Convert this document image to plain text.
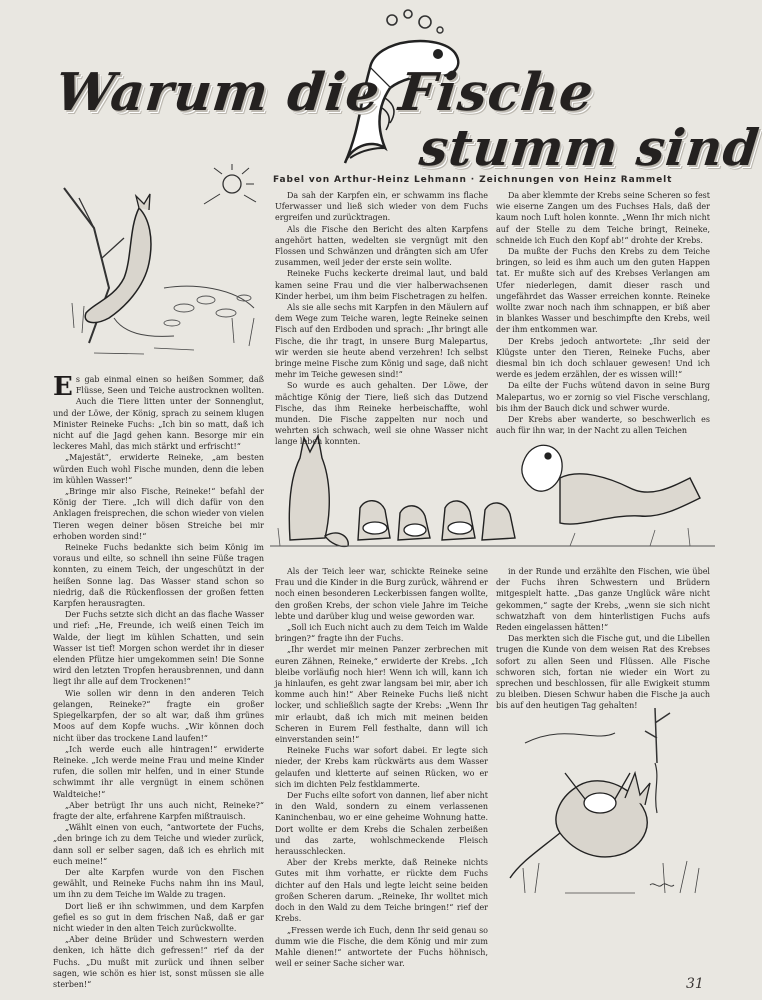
Warum die Fische
stumm sind
Fabel von Arthur-Heinz Lehmann · Zeichnungen von Heinz Rammelt

Es gab einmal einen so heißen Sommer, daß Flüsse, Seen und Teiche austrocknen wollten. Auch die Tiere litten unter der Sonnenglut, und der Löwe, der König, sprach zu seinem klugen Minister Reineke Fuchs: „Ich bin so matt, daß ich nicht auf die Jagd gehen kann. Besorge mir ein leckeres Mahl, das mich stärkt und erfrischt!“

„Majestät“, erwiderte Reineke, „am besten würden Euch wohl Fische munden, denn die leben im kühlen Wasser!“

„Bringe mir also Fische, Reineke!“ befahl der König der Tiere. „Ich will dich dafür von den Anklagen freisprechen, die schon wieder von vielen Tieren wegen deiner bösen Streiche bei mir erhoben worden sind!“

Reineke Fuchs bedankte sich beim König im voraus und eilte, so schnell ihn seine Füße tragen konnten, zu einem Teich, der ungeschützt in der heißen Sonne lag. Das Wasser stand schon so niedrig, daß die Rückenflossen der großen fetten Karpfen herausragten.

Der Fuchs setzte sich dicht an das flache Wasser und rief: „He, Freunde, ich weiß einen Teich im Walde, der liegt im kühlen Schatten, und sein Wasser ist tief! Morgen schon werdet ihr in dieser elenden Pfütze hier umgekommen sein! Die Sonne wird den letzten Tropfen herausbrennen, und dann liegt ihr alle auf dem Trockenen!“

Wie sollen wir denn in den anderen Teich gelangen, Reineke?“ fragte ein großer Spiegelkarpfen, der so alt war, daß ihm grünes Moos auf dem Kopfe wuchs. „Wir können doch nicht über das trockene Land laufen!“

„Ich werde euch alle hintragen!“ erwiderte Reineke. „Ich werde meine Frau und meine Kinder rufen, die sollen mir helfen, und in einer Stunde schwimmt ihr alle vergnügt in einem schönen Waldteiche!“

„Aber betrügt Ihr uns auch nicht, Reineke?“ fragte der alte, erfahrene Karpfen mißtrauisch.

„Wählt einen von euch, “antwortete der Fuchs, „den bringe ich zu dem Teiche und wieder zurück, dann soll er selber sagen, daß ich es ehrlich mit euch meine!“

Der alte Karpfen wurde von den Fischen gewählt, und Reineke Fuchs nahm ihn ins Maul, um ihn zu dem Teiche im Walde zu tragen.

Dort ließ er ihn schwimmen, und dem Karpfen gefiel es so gut in dem frischen Naß, daß er gar nicht wieder in den alten Teich zurückwollte.

„Aber deine Brüder und Schwestern werden denken, ich hätte dich gefressen!“ rief da der Fuchs. „Du mußt mit zurück und ihnen selber sagen, wie schön es hier ist, sonst müssen sie alle sterben!“

Da sah der Karpfen ein, er schwamm ins flache Uferwasser und ließ sich wieder von dem Fuchs ergreifen und zurücktragen.

Als die Fische den Bericht des alten Karpfens angehört hatten, wedelten sie vergnügt mit den Flossen und Schwänzen und drängten sich am Ufer zusammen, weil jeder der erste sein wollte.

Reineke Fuchs keckerte dreimal laut, und bald kamen seine Frau und die vier halberwachsenen Kinder herbei, um ihm beim Fischetragen zu helfen.

Als sie alle sechs mit Karpfen in den Mäulern auf dem Wege zum Teiche waren, legte Reineke seinen Fisch auf den Erdboden und sprach: „Ihr bringt alle Fische, die ihr tragt, in unsere Burg Malepartus, wir werden sie heute abend verzehren! Ich selbst bringe meine Fische zum König und sage, daß nicht mehr im Teiche gewesen sind!“

So wurde es auch gehalten. Der Löwe, der mächtige König der Tiere, ließ sich das Dutzend Fische, das ihm Reineke herbeischaffte, wohl munden. Die Fische zappelten nur noch und wehrten sich schwach, weil sie ohne Wasser nicht lange leben konnten.

Da aber klemmte der Krebs seine Scheren so fest wie eiserne Zangen um des Fuchses Hals, daß der kaum noch Luft holen konnte. „Wenn Ihr mich nicht auf der Stelle zu dem Teiche bringt, Reineke, schneide ich Euch den Kopf ab!“ drohte der Krebs.

Da mußte der Fuchs den Krebs zu dem Teiche bringen, so leid es ihm auch um den guten Happen tat. Er mußte sich auf des Krebses Verlangen am Ufer niederlegen, damit dieser rasch und ungefährdet das Wasser erreichen konnte. Reineke wollte zwar noch nach ihm schnappen, er biß aber in blankes Wasser und beschimpfte den Krebs, weil der ihm entkommen war.

Der Krebs jedoch antwortete: „Ihr seid der Klügste unter den Tieren, Reineke Fuchs, aber diesmal bin ich doch schlauer gewesen! Und ich werde es jedem erzählen, der es wissen will!“

Da eilte der Fuchs wütend davon in seine Burg Malepartus, wo er zornig so viel Fische verschlang, bis ihm der Bauch dick und schwer wurde.

Der Krebs aber wanderte, so beschwerlich es auch für ihn war, in der Nacht zu allen Teichen

Als der Teich leer war, schickte Reineke seine Frau und die Kinder in die Burg zurück, während er noch einen besonderen Leckerbissen fangen wollte, den großen Krebs, der schon viele Jahre im Teiche lebte und darüber klug und weise geworden war.

„Soll ich Euch nicht auch zu dem Teich im Walde bringen?“ fragte ihn der Fuchs.

„Ihr werdet mir meinen Panzer zerbrechen mit euren Zähnen, Reineke,“ erwiderte der Krebs. „Ich bleibe vorläufig noch hier! Wenn ich will, kann ich ja hinlaufen, es geht zwar langsam bei mir, aber ich komme auch hin!“ Aber Reineke Fuchs ließ nicht locker, und schließlich sagte der Krebs: „Wenn Ihr mir erlaubt, daß ich mich mit meinen beiden Scheren in Eurem Fell festhalte, dann will ich einverstanden sein!“

Reineke Fuchs war sofort dabei. Er legte sich nieder, der Krebs kam rückwärts aus dem Wasser gelaufen und kletterte auf seinen Rücken, wo er sich im dichten Pelz festklammerte.

Der Fuchs eilte sofort von dannen, lief aber nicht in den Wald, sondern zu einem verlassenen Kaninchenbau, wo er eine geheime Wohnung hatte. Dort wollte er dem Krebs die Schalen zerbeißen und das zarte, wohlschmeckende Fleisch herausschlecken.

Aber der Krebs merkte, daß Reineke nichts Gutes mit ihm vorhatte, er rückte dem Fuchs dichter auf den Hals und legte leicht seine beiden großen Scheren darum. „Reineke, Ihr wolltet mich doch in den Wald zu dem Teiche bringen!“ rief der Krebs.

„Fressen werde ich Euch, denn Ihr seid genau so dumm wie die Fische, die dem König und mir zum Mahle dienen!“ antwortete der Fuchs höhnisch, weil er seiner Sache sicher war.

in der Runde und erzählte den Fischen, wie übel der Fuchs ihren Schwestern und Brüdern mitgespielt hatte. „Das ganze Unglück wäre nicht gekommen,“ sagte der Krebs, „wenn sie sich nicht schwatzhaft von dem hinterlistigen Fuchs aufs Reden eingelassen hätten!“

Das merkten sich die Fische gut, und die Libellen trugen die Kunde von dem weisen Rat des Krebses sofort zu allen Seen und Flüssen. Alle Fische schworen sich, fortan nie wieder ein Wort zu sprechen und beschlossen, für alle Ewigkeit stumm zu bleiben. Diesen Schwur haben die Fische ja auch bis auf den heutigen Tag gehalten!

31
